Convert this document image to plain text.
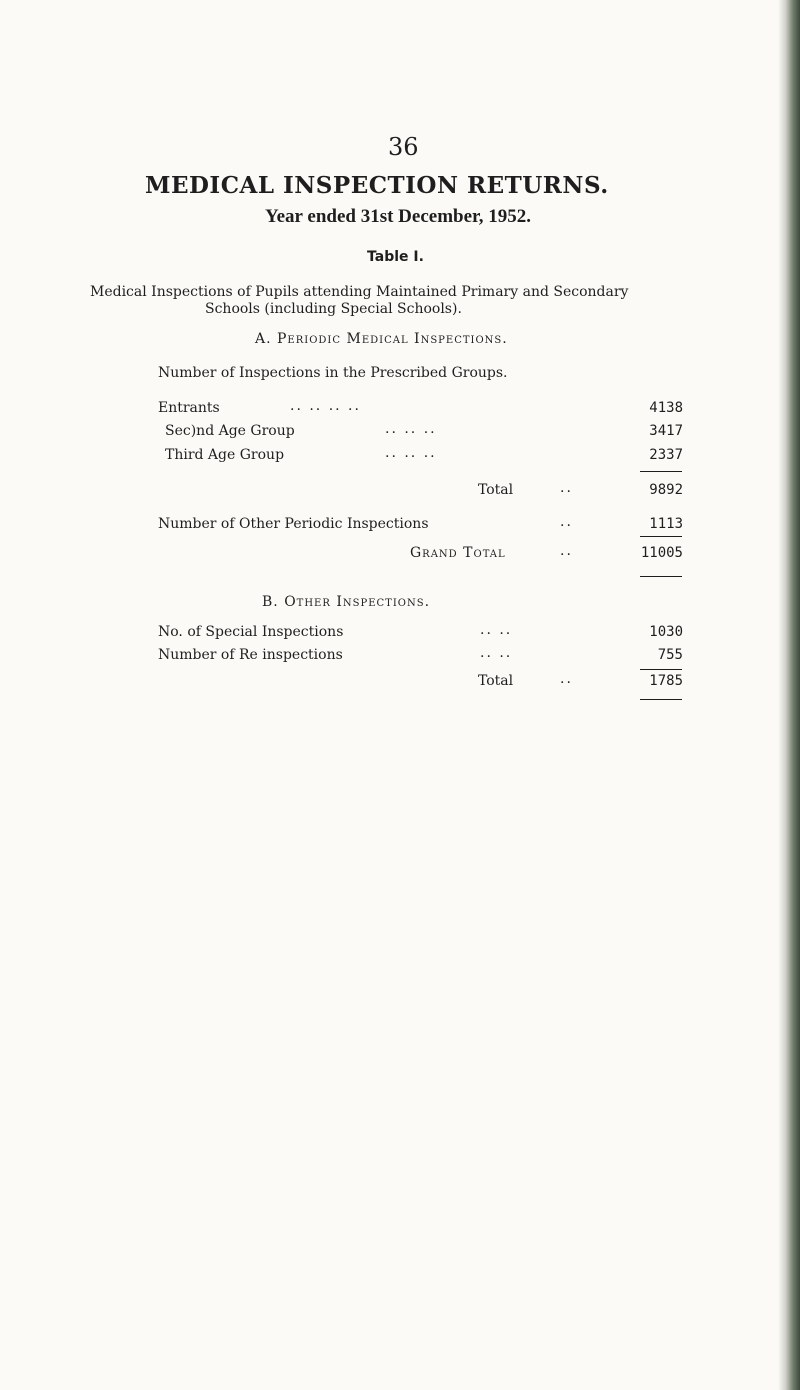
36
MEDICAL INSPECTION RETURNS.
Year ended 31st December, 1952.
Table I.
Medical Inspections of Pupils attending Maintained Primary and Secondary
Schools (including Special Schools).
A. Periodic Medical Inspections.
Number of Inspections in the Prescribed Groups.
Entrants	.. .. .. ..	4138
Sec)nd Age Group	.. .. ..	3417
Third Age Group	.. .. ..	2337
Total	..	9892
Number of Other Periodic Inspections	..	1113
Grand Total	..	11005
B. Other Inspections.
No. of Special Inspections	.. ..	1030
Number of Re inspections	.. ..	755
Total	..	1785
